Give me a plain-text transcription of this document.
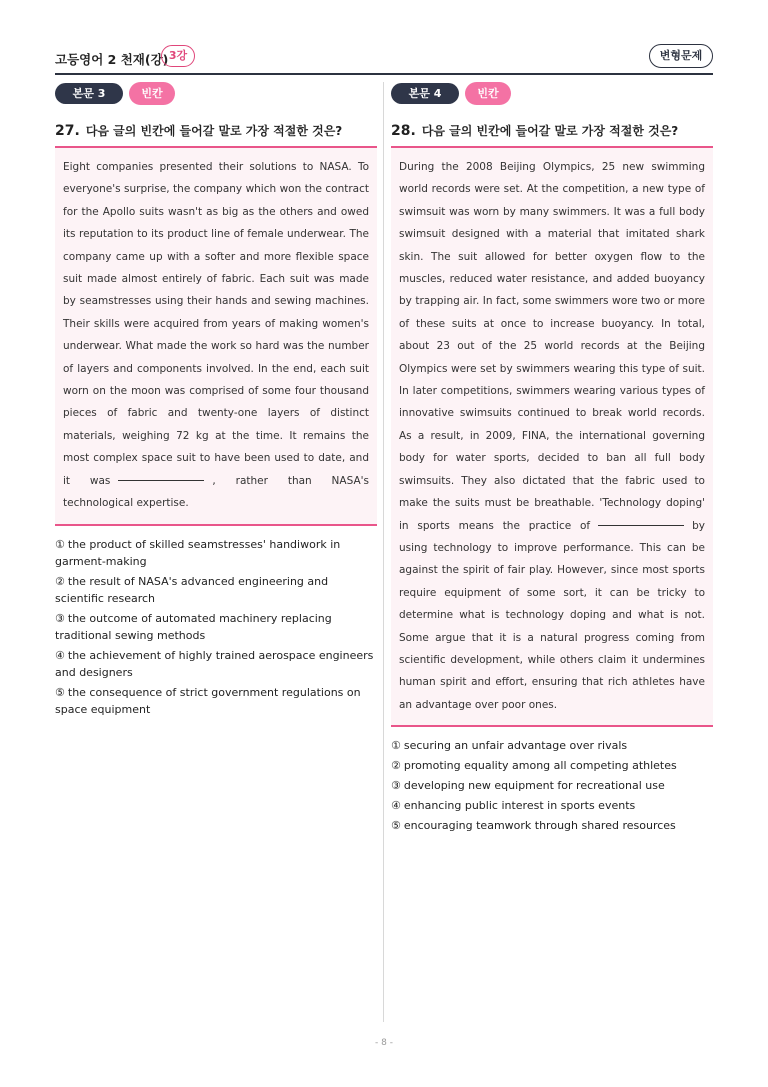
고등영어 2 천재(강) 3강	변형문제
본문 3	빈칸
27. 다음 글의 빈칸에 들어갈 말로 가장 적절한 것은?
Eight companies presented their solutions to NASA. To everyone's surprise, the company which won the contract for the Apollo suits wasn't as big as the others and owed its reputation to its product line of female underwear. The company came up with a softer and more flexible space suit made almost entirely of fabric. Each suit was made by seamstresses using their hands and sewing machines. Their skills were acquired from years of making women's underwear. What made the work so hard was the number of layers and components involved. In the end, each suit worn on the moon was comprised of some four thousand pieces of fabric and twenty-one layers of distinct materials, weighing 72 kg at the time. It remains the most complex space suit to have been used to date, and it was	, rather than NASA's technological expertise.
① the product of skilled seamstresses' handiwork in garment-making
② the result of NASA's advanced engineering and scientific research
③ the outcome of automated machinery replacing traditional sewing methods
④ the achievement of highly trained aerospace engineers and designers
⑤ the consequence of strict government regulations on space equipment
본문 4	빈칸
28. 다음 글의 빈칸에 들어갈 말로 가장 적절한 것은?
During the 2008 Beijing Olympics, 25 new swimming world records were set. At the competition, a new type of swimsuit was worn by many swimmers. It was a full body swimsuit designed with a material that imitated shark skin. The suit allowed for better oxygen flow to the muscles, reduced water resistance, and added buoyancy by trapping air. In fact, some swimmers wore two or more of these suits at once to increase buoyancy. In total, about 23 out of the 25 world records at the Beijing Olympics were set by swimmers wearing this type of suit. In later competitions, swimmers wearing various types of innovative swimsuits continued to break world records. As a result, in 2009, FINA, the international governing body for water sports, decided to ban all full body swimsuits. They also dictated that the fabric used to make the suits must be breathable. 'Technology doping' in sports means the practice of	by using technology to improve performance. This can be against the spirit of fair play. However, since most sports require equipment of some sort, it can be tricky to determine what is technology doping and what is not. Some argue that it is a natural progress coming from scientific development, while others claim it undermines human spirit and effort, ensuring that rich athletes have an advantage over poor ones.
① securing an unfair advantage over rivals
② promoting equality among all competing athletes
③ developing new equipment for recreational use
④ enhancing public interest in sports events
⑤ encouraging teamwork through shared resources
- 8 -
